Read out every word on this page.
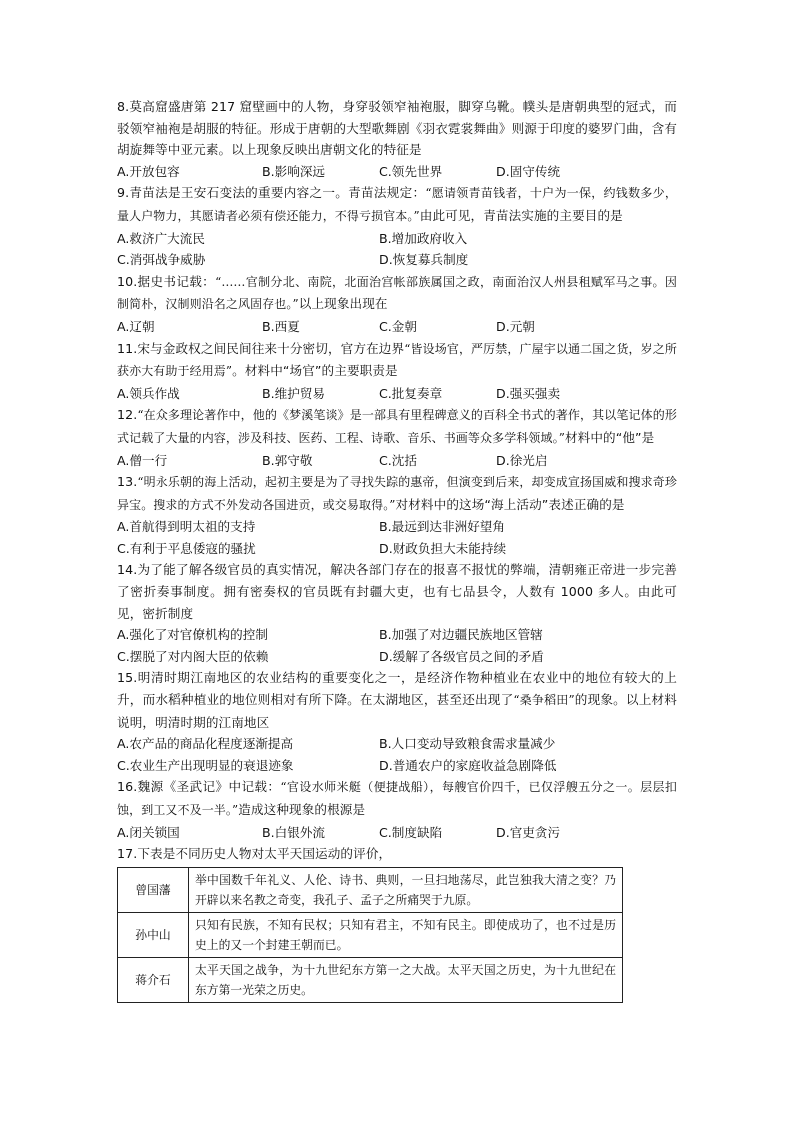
8.莫高窟盛唐第 217 窟壁画中的人物，身穿驳领窄袖袍服，脚穿乌靴。幞头是唐朝典型的冠式，而驳领窄袖袍是胡服的特征。形成于唐朝的大型歌舞剧《羽衣霓裳舞曲》则源于印度的婆罗门曲，含有胡旋舞等中亚元素。以上现象反映出唐朝文化的特征是
A.开放包容	B.影响深远	C.领先世界	D.固守传统
9.青苗法是王安石变法的重要内容之一。青苗法规定：“愿请领青苗钱者，十户为一保，约钱数多少，量人户物力，其愿请者必须有偿还能力，不得亏损官本。”由此可见，青苗法实施的主要目的是
A.救济广大流民	B.增加政府收入
C.消弭战争威胁	D.恢复募兵制度
10.据史书记载：“……官制分北、南院，北面治宫帐部族属国之政，南面治汉人州县租赋军马之事。因制简朴，汉制则沿名之风固存也。”以上现象出现在
A.辽朝	B.西夏	C.金朝	D.元朝
11.宋与金政权之间民间往来十分密切，官方在边界“皆设场官，严厉禁，广屋宇以通二国之货，岁之所获亦大有助于经用焉”。材料中“场官”的主要职责是
A.领兵作战	B.维护贸易	C.批复奏章	D.强买强卖
12.“在众多理论著作中，他的《梦溪笔谈》是一部具有里程碑意义的百科全书式的著作，其以笔记体的形式记载了大量的内容，涉及科技、医药、工程、诗歌、音乐、书画等众多学科领域。”材料中的“他”是
A.僧一行	B.郭守敬	C.沈括	D.徐光启
13.“明永乐朝的海上活动，起初主要是为了寻找失踪的惠帝，但演变到后来，却变成宣扬国威和搜求奇珍异宝。搜求的方式不外发动各国进贡，或交易取得。”对材料中的这场“海上活动”表述正确的是
A.首航得到明太祖的支持	B.最远到达非洲好望角
C.有利于平息倭寇的骚扰	D.财政负担大未能持续
14.为了能了解各级官员的真实情况，解决各部门存在的报喜不报忧的弊端，清朝雍正帝进一步完善了密折奏事制度。拥有密奏权的官员既有封疆大吏，也有七品县令，人数有 1000 多人。由此可见，密折制度
A.强化了对官僚机构的控制	B.加强了对边疆民族地区管辖
C.摆脱了对内阁大臣的依赖	D.缓解了各级官员之间的矛盾
15.明清时期江南地区的农业结构的重要变化之一，是经济作物种植业在农业中的地位有较大的上升，而水稻种植业的地位则相对有所下降。在太湖地区，甚至还出现了“桑争稻田”的现象。以上材料说明，明清时期的江南地区
A.农产品的商品化程度逐渐提高	B.人口变动导致粮食需求量减少
C.农业生产出现明显的衰退迹象	D.普通农户的家庭收益急剧降低
16.魏源《圣武记》中记载：“官设水师米艇（便捷战船），每艘官价四千，已仅浮艘五分之一。层层扣蚀，到工又不及一半。”造成这种现象的根源是
A.闭关锁国	B.白银外流	C.制度缺陷	D.官吏贪污
17.下表是不同历史人物对太平天国运动的评价，
曾国藩	举中国数千年礼义、人伦、诗书、典则，一旦扫地荡尽，此岂独我大清之变？乃开辟以来名教之奇变，我孔子、孟子之所痛哭于九原。
孙中山	只知有民族，不知有民权；只知有君主，不知有民主。即使成功了，也不过是历史上的又一个封建王朝而已。
蒋介石	太平天国之战争，为十九世纪东方第一之大战。太平天国之历史，为十九世纪在东方第一光荣之历史。
